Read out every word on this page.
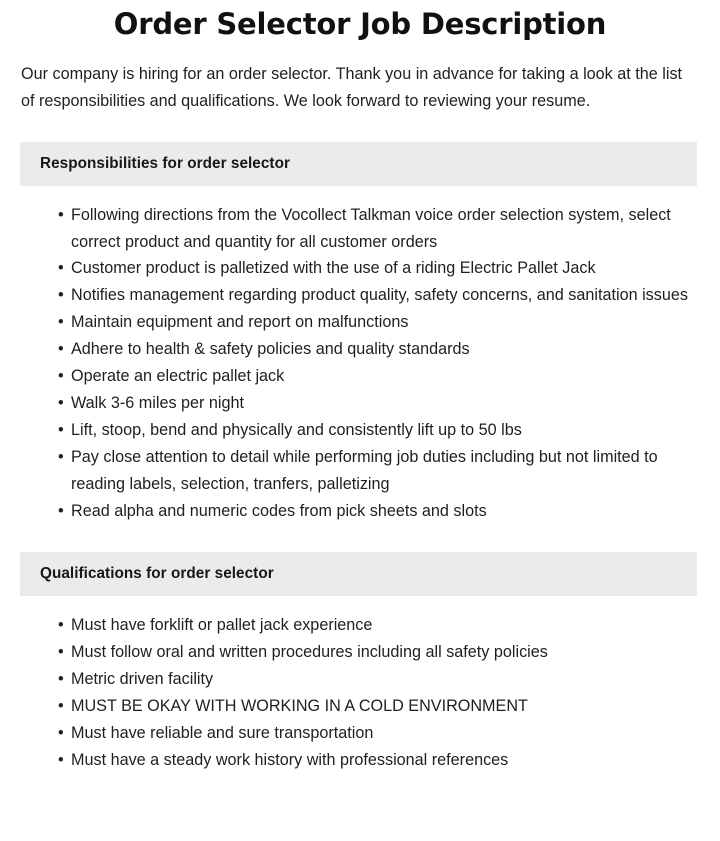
Order Selector Job Description

Our company is hiring for an order selector. Thank you in advance for taking a look at the list of responsibilities and qualifications. We look forward to reviewing your resume.

Responsibilities for order selector
• Following directions from the Vocollect Talkman voice order selection system, select correct product and quantity for all customer orders
• Customer product is palletized with the use of a riding Electric Pallet Jack
• Notifies management regarding product quality, safety concerns, and sanitation issues
• Maintain equipment and report on malfunctions
• Adhere to health & safety policies and quality standards
• Operate an electric pallet jack
• Walk 3-6 miles per night
• Lift, stoop, bend and physically and consistently lift up to 50 lbs
• Pay close attention to detail while performing job duties including but not limited to reading labels, selection, tranfers, palletizing
• Read alpha and numeric codes from pick sheets and slots
Qualifications for order selector
• Must have forklift or pallet jack experience
• Must follow oral and written procedures including all safety policies
• Metric driven facility
• MUST BE OKAY WITH WORKING IN A COLD ENVIRONMENT
• Must have reliable and sure transportation
• Must have a steady work history with professional references
